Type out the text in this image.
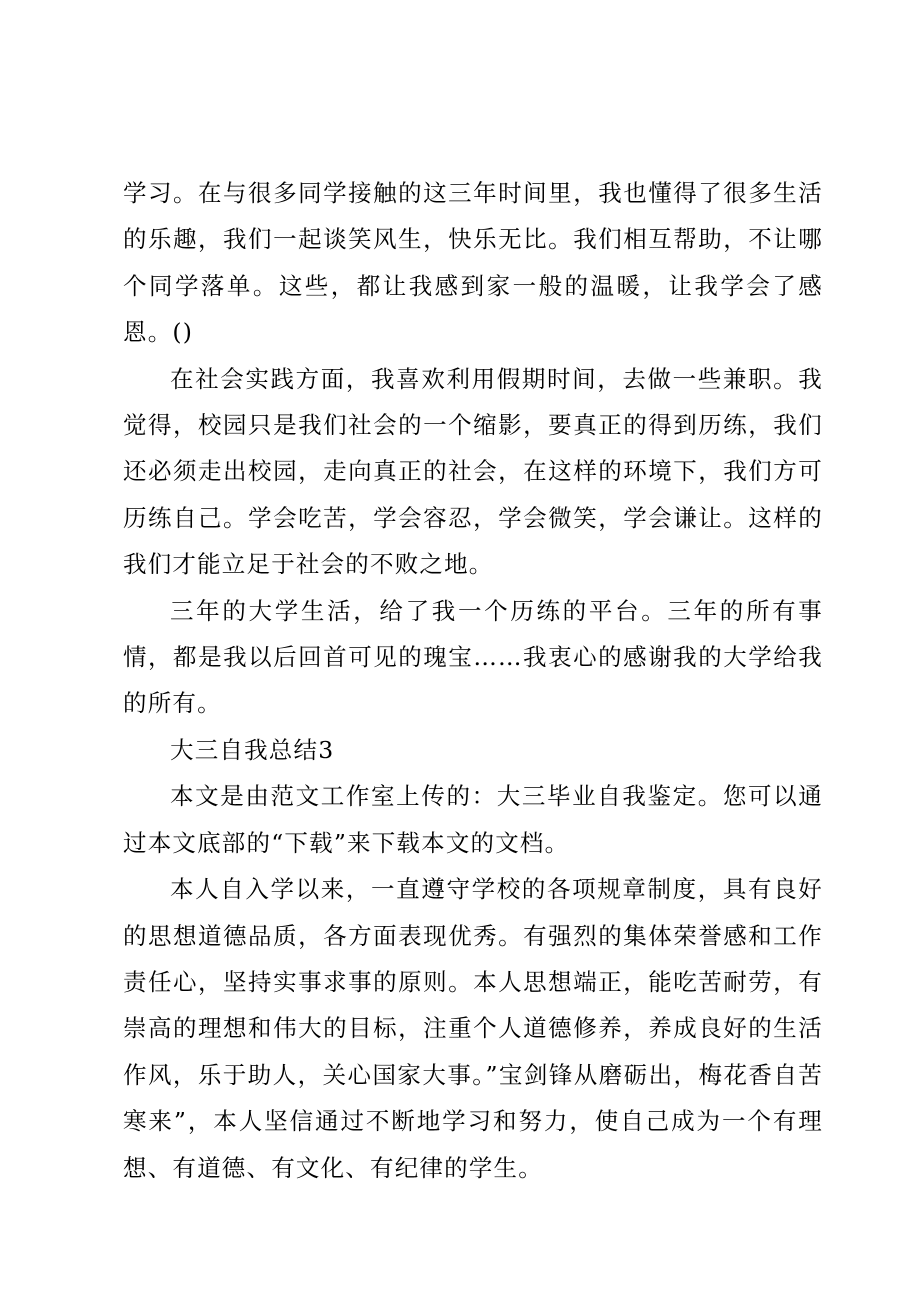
学习。在与很多同学接触的这三年时间里，我也懂得了很多生活的乐趣，我们一起谈笑风生，快乐无比。我们相互帮助，不让哪个同学落单。这些，都让我感到家一般的温暖，让我学会了感恩。()

在社会实践方面，我喜欢利用假期时间，去做一些兼职。我觉得，校园只是我们社会的一个缩影，要真正的得到历练，我们还必须走出校园，走向真正的社会，在这样的环境下，我们方可历练自己。学会吃苦，学会容忍，学会微笑，学会谦让。这样的我们才能立足于社会的不败之地。

三年的大学生活，给了我一个历练的平台。三年的所有事情，都是我以后回首可见的瑰宝……我衷心的感谢我的大学给我的所有。

大三自我总结3

本文是由范文工作室上传的：大三毕业自我鉴定。您可以通过本文底部的“下载”来下载本文的文档。

本人自入学以来，一直遵守学校的各项规章制度，具有良好的思想道德品质，各方面表现优秀。有强烈的集体荣誉感和工作责任心，坚持实事求事的原则。本人思想端正，能吃苦耐劳，有崇高的理想和伟大的目标，注重个人道德修养，养成良好的生活作风，乐于助人，关心国家大事。”宝剑锋从磨砺出，梅花香自苦寒来”，本人坚信通过不断地学习和努力，使自己成为一个有理想、有道德、有文化、有纪律的学生。
